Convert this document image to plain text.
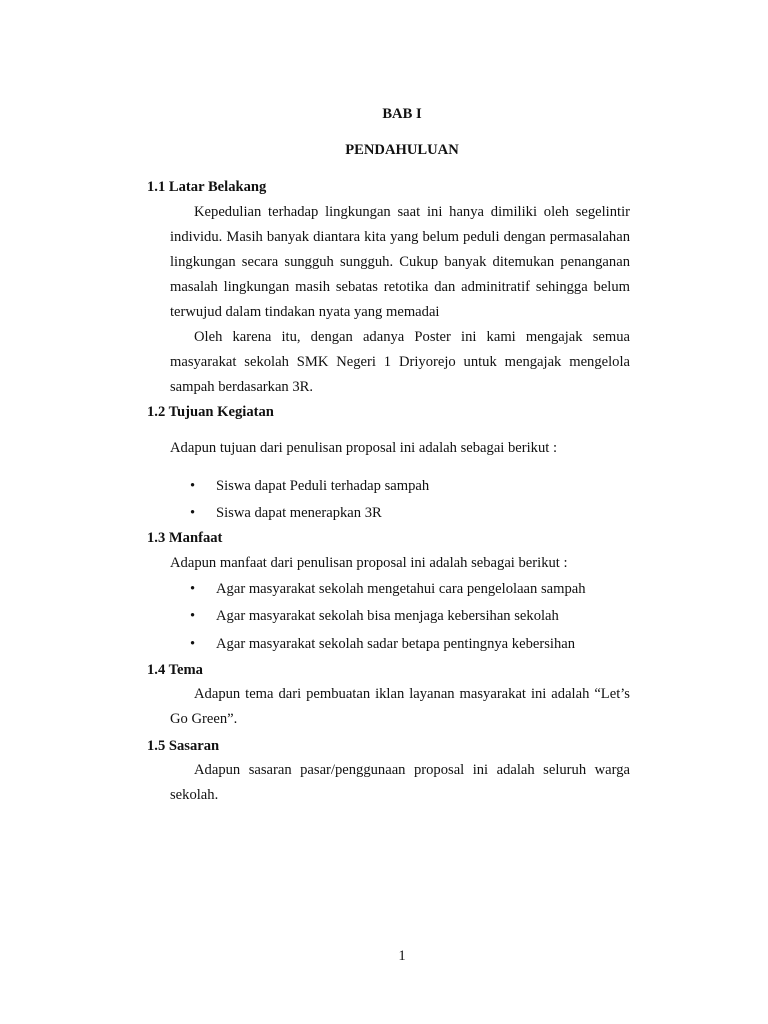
BAB I
PENDAHULUAN
1.1 Latar Belakang

Kepedulian terhadap lingkungan saat ini hanya dimiliki oleh segelintir individu. Masih banyak diantara kita yang belum peduli dengan permasalahan lingkungan secara sungguh sungguh. Cukup banyak ditemukan penanganan masalah lingkungan masih sebatas retotika dan adminitratif sehingga belum terwujud dalam tindakan nyata yang memadai

Oleh karena itu, dengan adanya Poster ini kami mengajak semua masyarakat sekolah SMK Negeri 1 Driyorejo untuk mengajak mengelola sampah berdasarkan 3R.

1.2 Tujuan Kegiatan
Adapun tujuan dari penulisan proposal ini adalah sebagai berikut :
• Siswa dapat Peduli terhadap sampah
• Siswa dapat menerapkan 3R
1.3 Manfaat
Adapun manfaat dari penulisan proposal ini adalah sebagai berikut :
• Agar masyarakat sekolah mengetahui cara pengelolaan sampah
• Agar masyarakat sekolah bisa menjaga kebersihan sekolah
• Agar masyarakat sekolah sadar betapa pentingnya kebersihan
1.4 Tema

Adapun tema dari pembuatan iklan layanan masyarakat ini adalah “Let’s Go Green”.

1.5 Sasaran

Adapun sasaran pasar/penggunaan proposal ini adalah seluruh warga sekolah.

1
